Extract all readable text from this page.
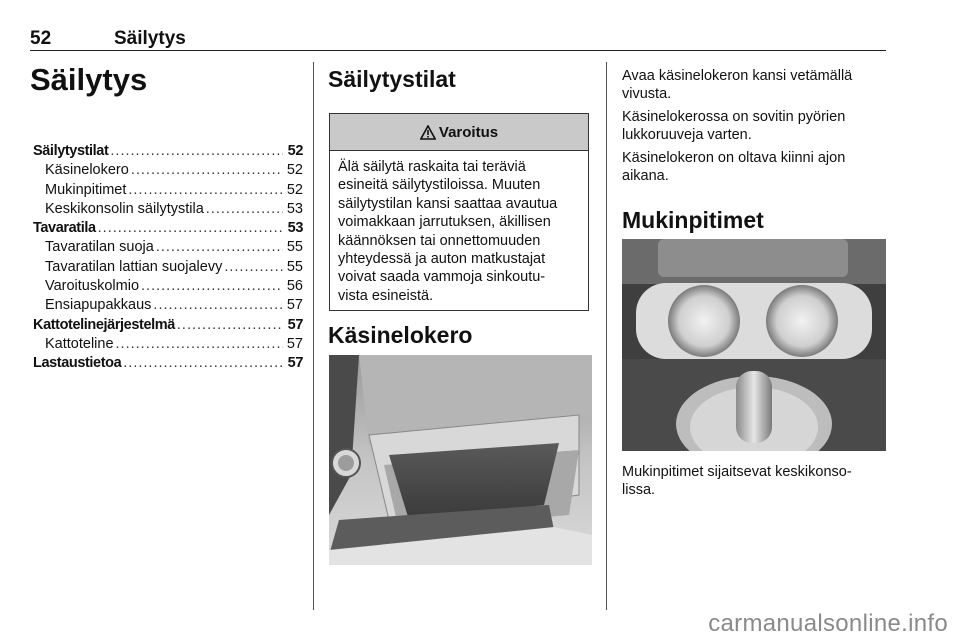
52	Säilytys
Säilytys
Säilytystilat .....	52
Käsinelokero .....	52
Mukinpitimet .....	52
Keskikonsolin säilytystila .....	53
Tavaratila .....	53
Tavaratilan suoja .....	55
Tavaratilan lattian suojalevy .....	55
Varoituskolmio .....	56
Ensiapupakkaus .....	57
Kattotelinejärjestelmä .....	57
Kattoteline .....	57
Lastaustietoa .....	57
Säilytystilat
Varoitus
Älä säilytä raskaita tai teräviä
esineitä säilytystiloissa. Muuten
säilytystilan kansi saattaa avautua
voimakkaan jarrutuksen, äkillisen
käännöksen tai onnettomuuden
yhteydessä ja auton matkustajat
voivat saada vammoja sinkoutu-
vista esineistä.
Käsinelokero
Avaa käsinelokeron kansi vetämällä
vivusta.
Käsinelokerossa on sovitin pyörien
lukkoruuveja varten.
Käsinelokeron on oltava kiinni ajon
aikana.
Mukinpitimet
Mukinpitimet sijaitsevat keskikonso-
lissa.
carmanualsonline.info
